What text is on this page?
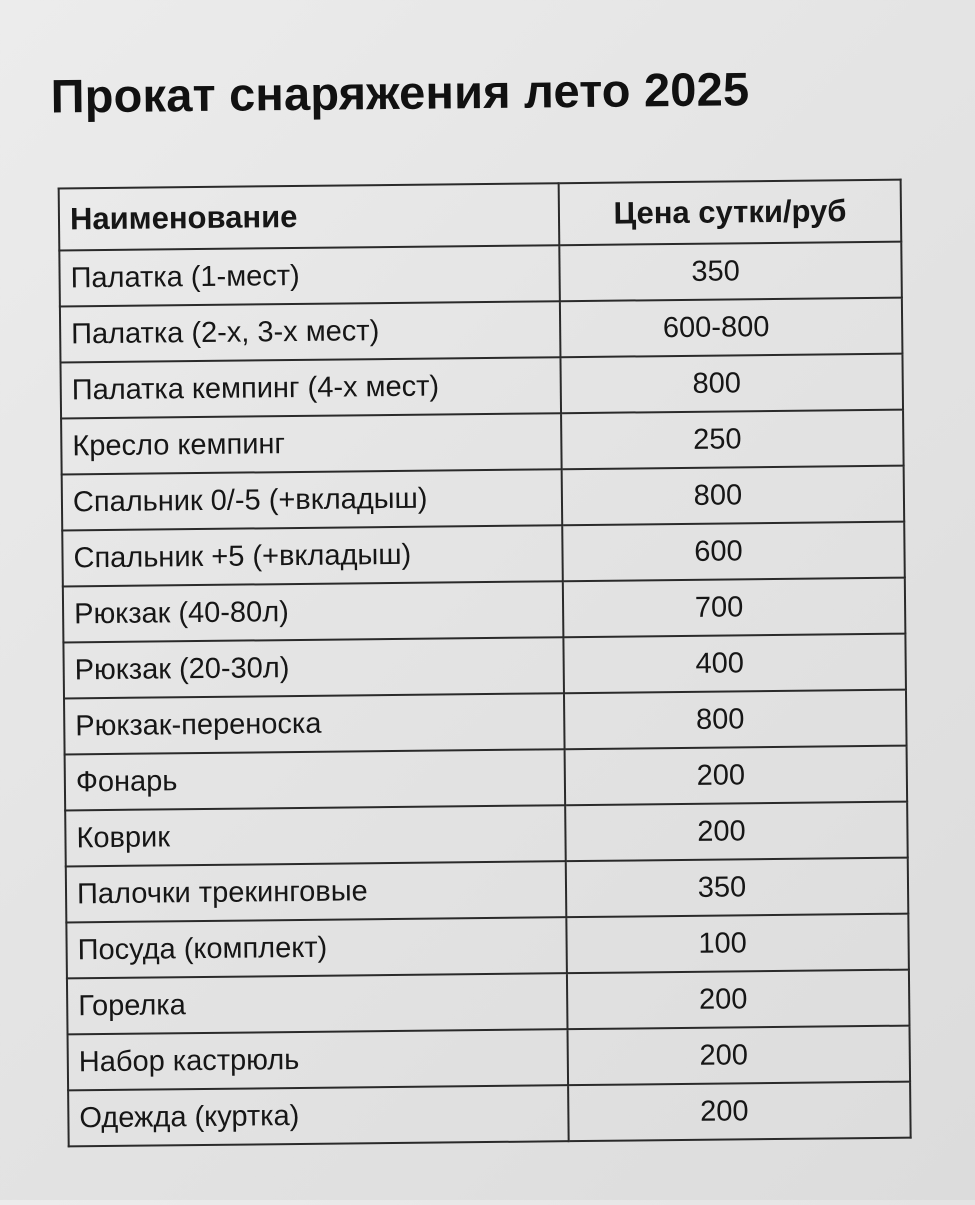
Прокат снаряжения лето 2025
Наименование	Цена сутки/руб
Палатка (1-мест)	350
Палатка (2-х, 3-х мест)	600-800
Палатка кемпинг (4-х мест)	800
Кресло кемпинг	250
Спальник 0/-5 (+вкладыш)	800
Спальник +5 (+вкладыш)	600
Рюкзак (40-80л)	700
Рюкзак (20-30л)	400
Рюкзак-переноска	800
Фонарь	200
Коврик	200
Палочки трекинговые	350
Посуда (комплект)	100
Горелка	200
Набор кастрюль	200
Одежда (куртка)	200
